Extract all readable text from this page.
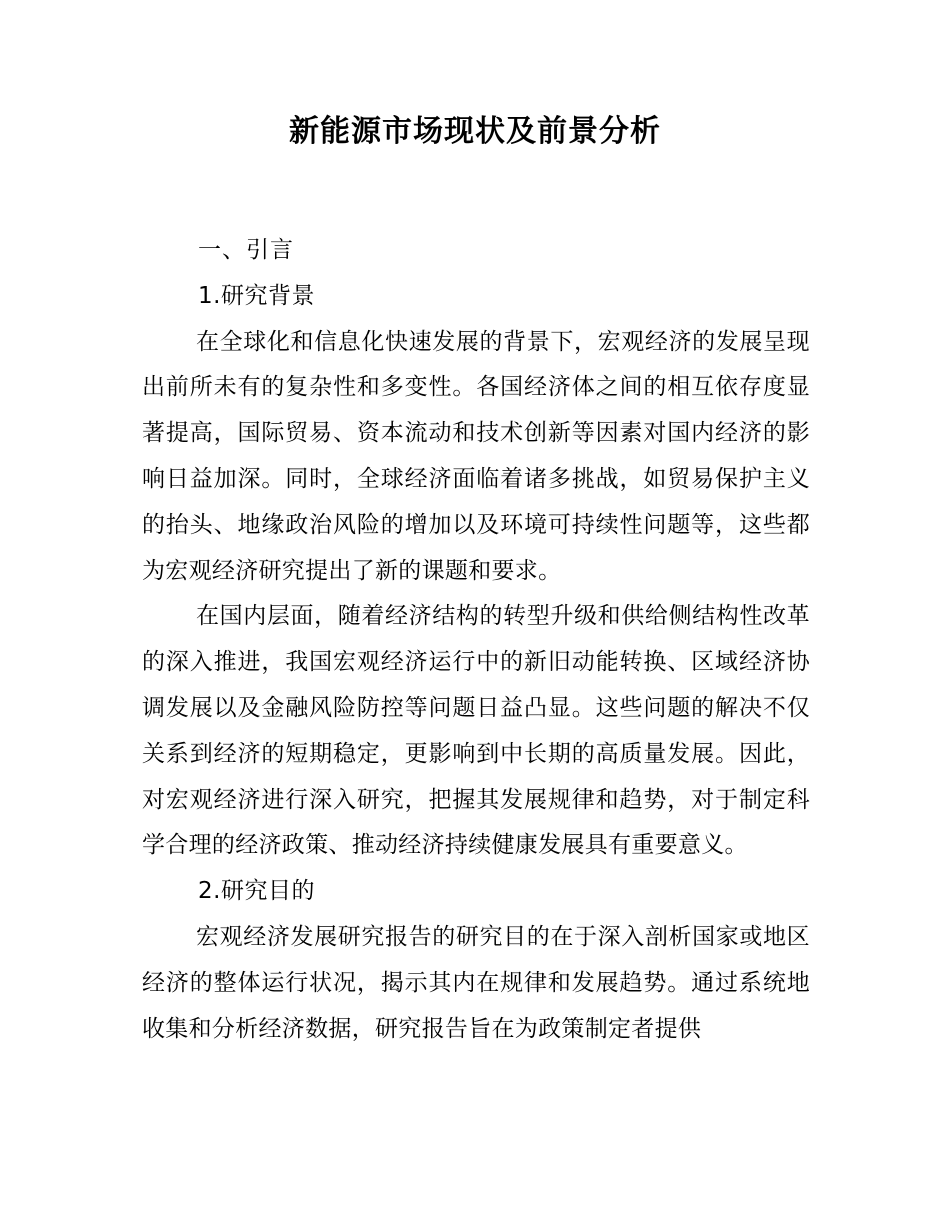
新能源市场现状及前景分析

一、引言

1.研究背景

在全球化和信息化快速发展的背景下，宏观经济的发展呈现出前所未有的复杂性和多变性。各国经济体之间的相互依存度显著提高，国际贸易、资本流动和技术创新等因素对国内经济的影响日益加深。同时，全球经济面临着诸多挑战，如贸易保护主义的抬头、地缘政治风险的增加以及环境可持续性问题等，这些都为宏观经济研究提出了新的课题和要求。

在国内层面，随着经济结构的转型升级和供给侧结构性改革的深入推进，我国宏观经济运行中的新旧动能转换、区域经济协调发展以及金融风险防控等问题日益凸显。这些问题的解决不仅关系到经济的短期稳定，更影响到中长期的高质量发展。因此，对宏观经济进行深入研究，把握其发展规律和趋势，对于制定科学合理的经济政策、推动经济持续健康发展具有重要意义。

2.研究目的

宏观经济发展研究报告的研究目的在于深入剖析国家或地区经济的整体运行状况，揭示其内在规律和发展趋势。通过系统地收集和分析经济数据，研究报告旨在为政策制定者提供
